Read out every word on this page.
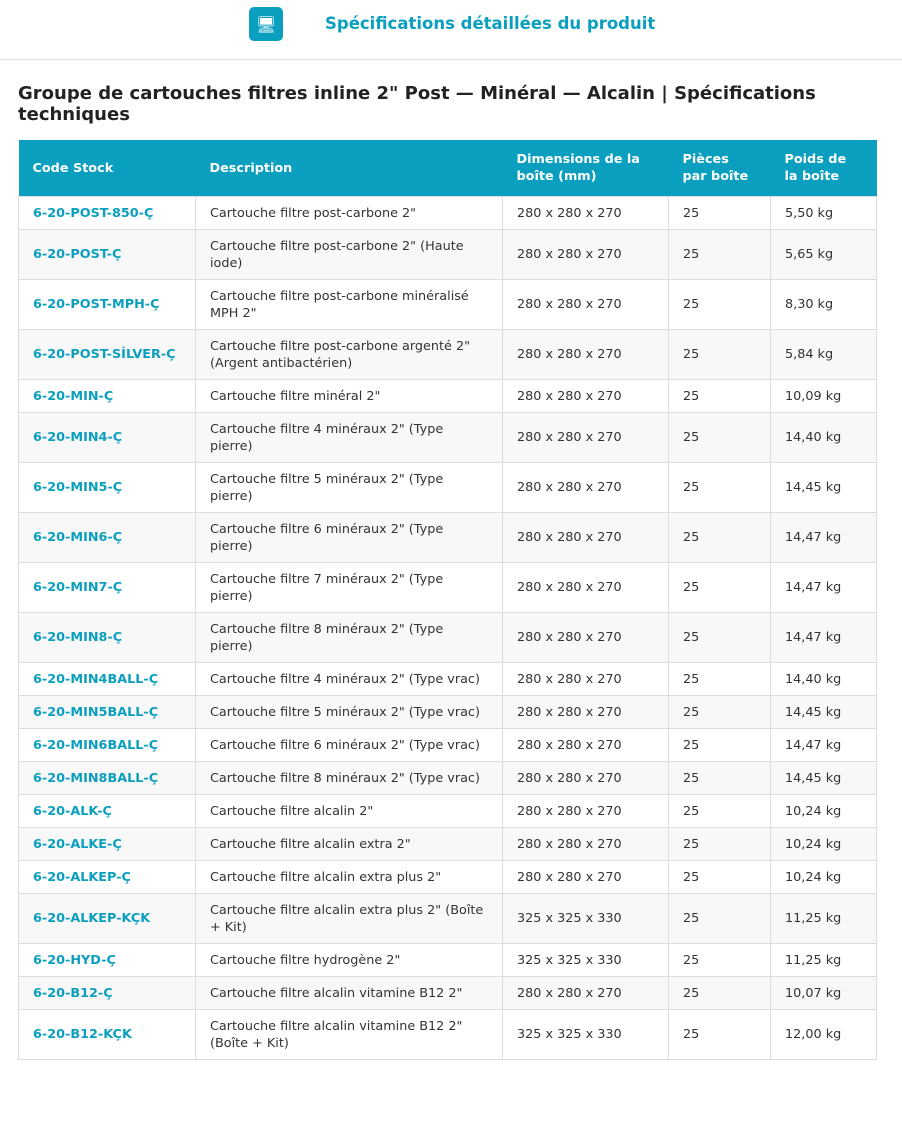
🖥	Spécifications détaillées du produit
Groupe de cartouches filtres inline 2" Post — Minéral — Alcalin | Spécifications techniques
Code Stock	Description	Dimensions de la boîte (mm)	Pièces par boîte	Poids de la boîte
6-20-POST-850-Ç	Cartouche filtre post-carbone 2"	280 x 280 x 270	25	5,50 kg
6-20-POST-Ç	Cartouche filtre post-carbone 2" (Haute iode)	280 x 280 x 270	25	5,65 kg
6-20-POST-MPH-Ç	Cartouche filtre post-carbone minéralisé MPH 2"	280 x 280 x 270	25	8,30 kg
6-20-POST-SİLVER-Ç	Cartouche filtre post-carbone argenté 2" (Argent antibactérien)	280 x 280 x 270	25	5,84 kg
6-20-MIN-Ç	Cartouche filtre minéral 2"	280 x 280 x 270	25	10,09 kg
6-20-MIN4-Ç	Cartouche filtre 4 minéraux 2" (Type pierre)	280 x 280 x 270	25	14,40 kg
6-20-MIN5-Ç	Cartouche filtre 5 minéraux 2" (Type pierre)	280 x 280 x 270	25	14,45 kg
6-20-MIN6-Ç	Cartouche filtre 6 minéraux 2" (Type pierre)	280 x 280 x 270	25	14,47 kg
6-20-MIN7-Ç	Cartouche filtre 7 minéraux 2" (Type pierre)	280 x 280 x 270	25	14,47 kg
6-20-MIN8-Ç	Cartouche filtre 8 minéraux 2" (Type pierre)	280 x 280 x 270	25	14,47 kg
6-20-MIN4BALL-Ç	Cartouche filtre 4 minéraux 2" (Type vrac)	280 x 280 x 270	25	14,40 kg
6-20-MIN5BALL-Ç	Cartouche filtre 5 minéraux 2" (Type vrac)	280 x 280 x 270	25	14,45 kg
6-20-MIN6BALL-Ç	Cartouche filtre 6 minéraux 2" (Type vrac)	280 x 280 x 270	25	14,47 kg
6-20-MIN8BALL-Ç	Cartouche filtre 8 minéraux 2" (Type vrac)	280 x 280 x 270	25	14,45 kg
6-20-ALK-Ç	Cartouche filtre alcalin 2"	280 x 280 x 270	25	10,24 kg
6-20-ALKE-Ç	Cartouche filtre alcalin extra 2"	280 x 280 x 270	25	10,24 kg
6-20-ALKEP-Ç	Cartouche filtre alcalin extra plus 2"	280 x 280 x 270	25	10,24 kg
6-20-ALKEP-KÇK	Cartouche filtre alcalin extra plus 2" (Boîte + Kit)	325 x 325 x 330	25	11,25 kg
6-20-HYD-Ç	Cartouche filtre hydrogène 2"	325 x 325 x 330	25	11,25 kg
6-20-B12-Ç	Cartouche filtre alcalin vitamine B12 2"	280 x 280 x 270	25	10,07 kg
6-20-B12-KÇK	Cartouche filtre alcalin vitamine B12 2" (Boîte + Kit)	325 x 325 x 330	25	12,00 kg
